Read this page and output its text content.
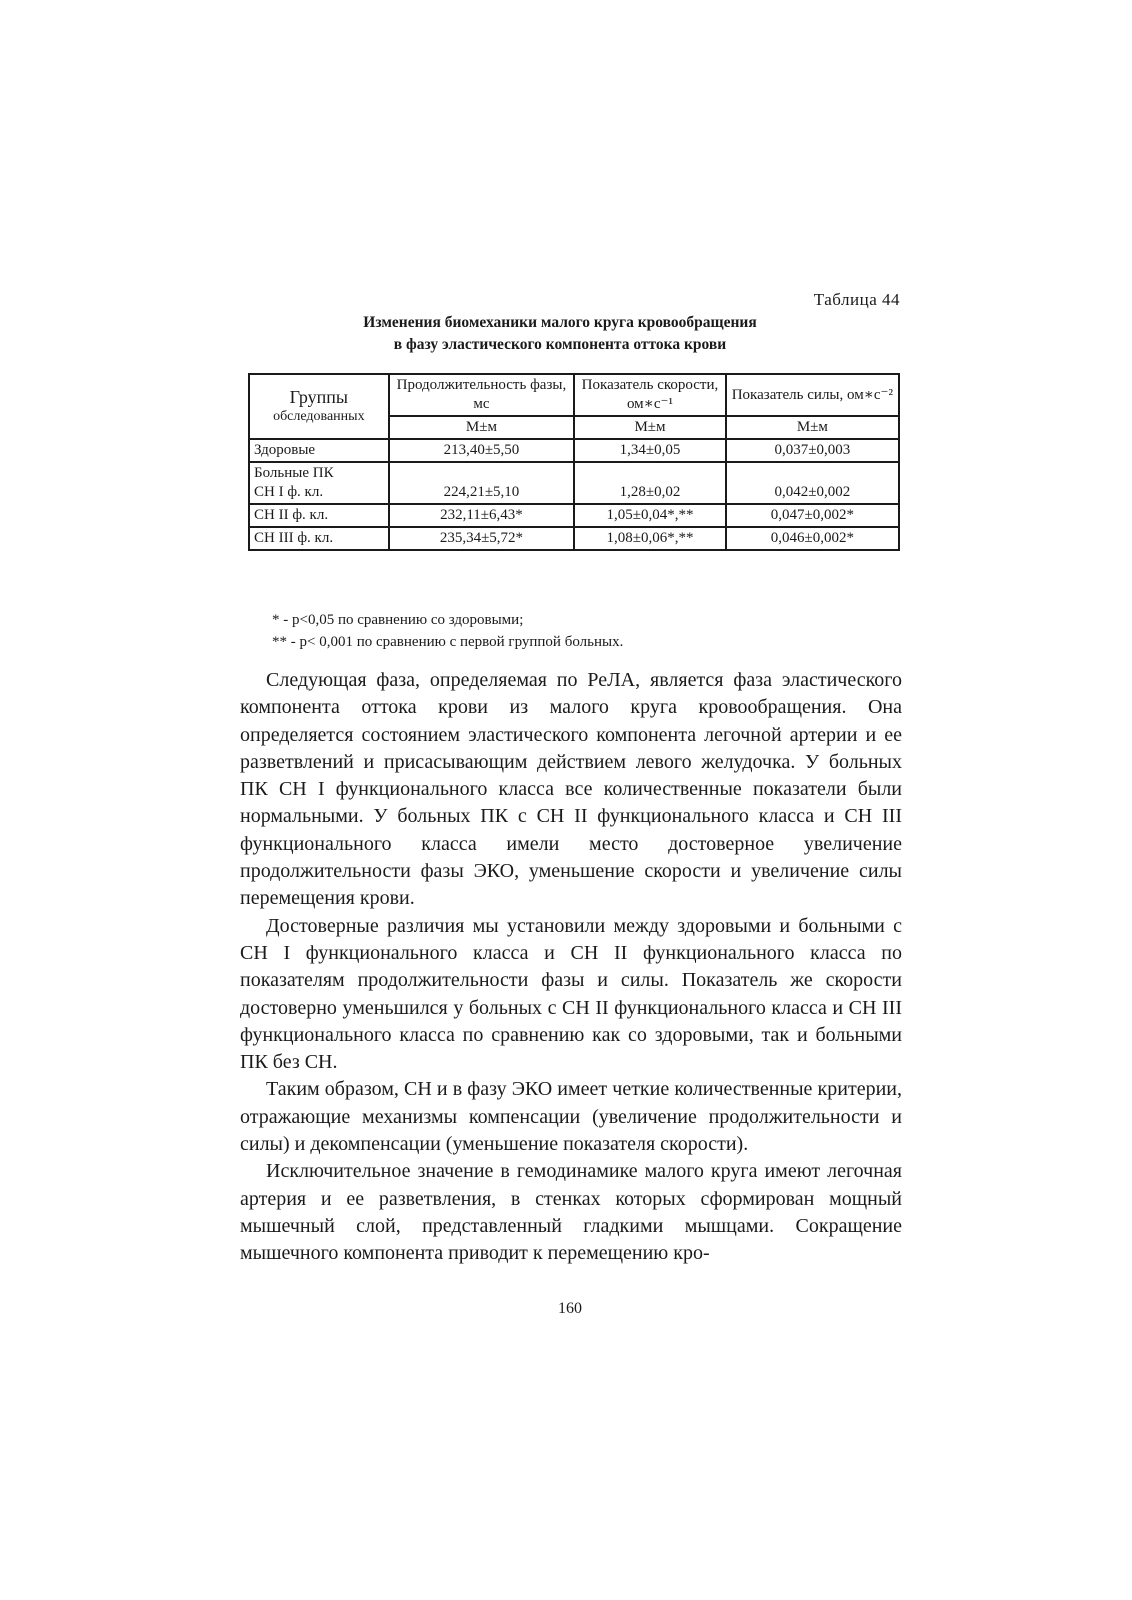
Таблица 44
Изменения биомеханики малого круга кровообращения
в фазу эластического компонента оттока крови
Группы
обследованных	Продолжительность фазы, мс	Показатель скорости, ом∗с⁻¹	Показатель силы, ом∗с⁻²
	M±м	M±м	M±м
Здоровые	213,40±5,50	1,34±0,05	0,037±0,003

Больные ПК
СН I ф. кл.	224,21±5,10	1,28±0,02	0,042±0,002
СН II ф. кл.	232,11±6,43*	1,05±0,04*,**	0,047±0,002*
СН III ф. кл.	235,34±5,72*	1,08±0,06*,**	0,046±0,002*
* - р<0,05 по сравнению со здоровыми;
** - р< 0,001 по сравнению с первой группой больных.

Следующая фаза, определяемая по РеЛА, является фаза эластического компонента оттока крови из малого круга кровообращения. Она определяется состоянием эластического компонента легочной артерии и ее разветвлений и присасывающим действием левого желудочка. У больных ПК СН I функционального класса все количественные показатели были нормальными. У больных ПК с СН II функционального класса и СН III функционального класса имели место достоверное увеличение продолжительности фазы ЭКО, уменьшение скорости и увеличение силы перемещения крови.

Достоверные различия мы установили между здоровыми и больными с СН I функционального класса и СН II функционального класса по показателям продолжительности фазы и силы. Показатель же скорости достоверно уменьшился у больных с СН II функционального класса и СН III функционального класса по сравнению как со здоровыми, так и больными ПК без СН.

Таким образом, СН и в фазу ЭКО имеет четкие количественные критерии, отражающие механизмы компенсации (увеличение продолжительности и силы) и декомпенсации (уменьшение показателя скорости).

Исключительное значение в гемодинамике малого круга имеют легочная артерия и ее разветвления, в стенках которых сформирован мощный мышечный слой, представленный гладкими мышцами. Сокращение мышечного компонента приводит к перемещению кро-

160
